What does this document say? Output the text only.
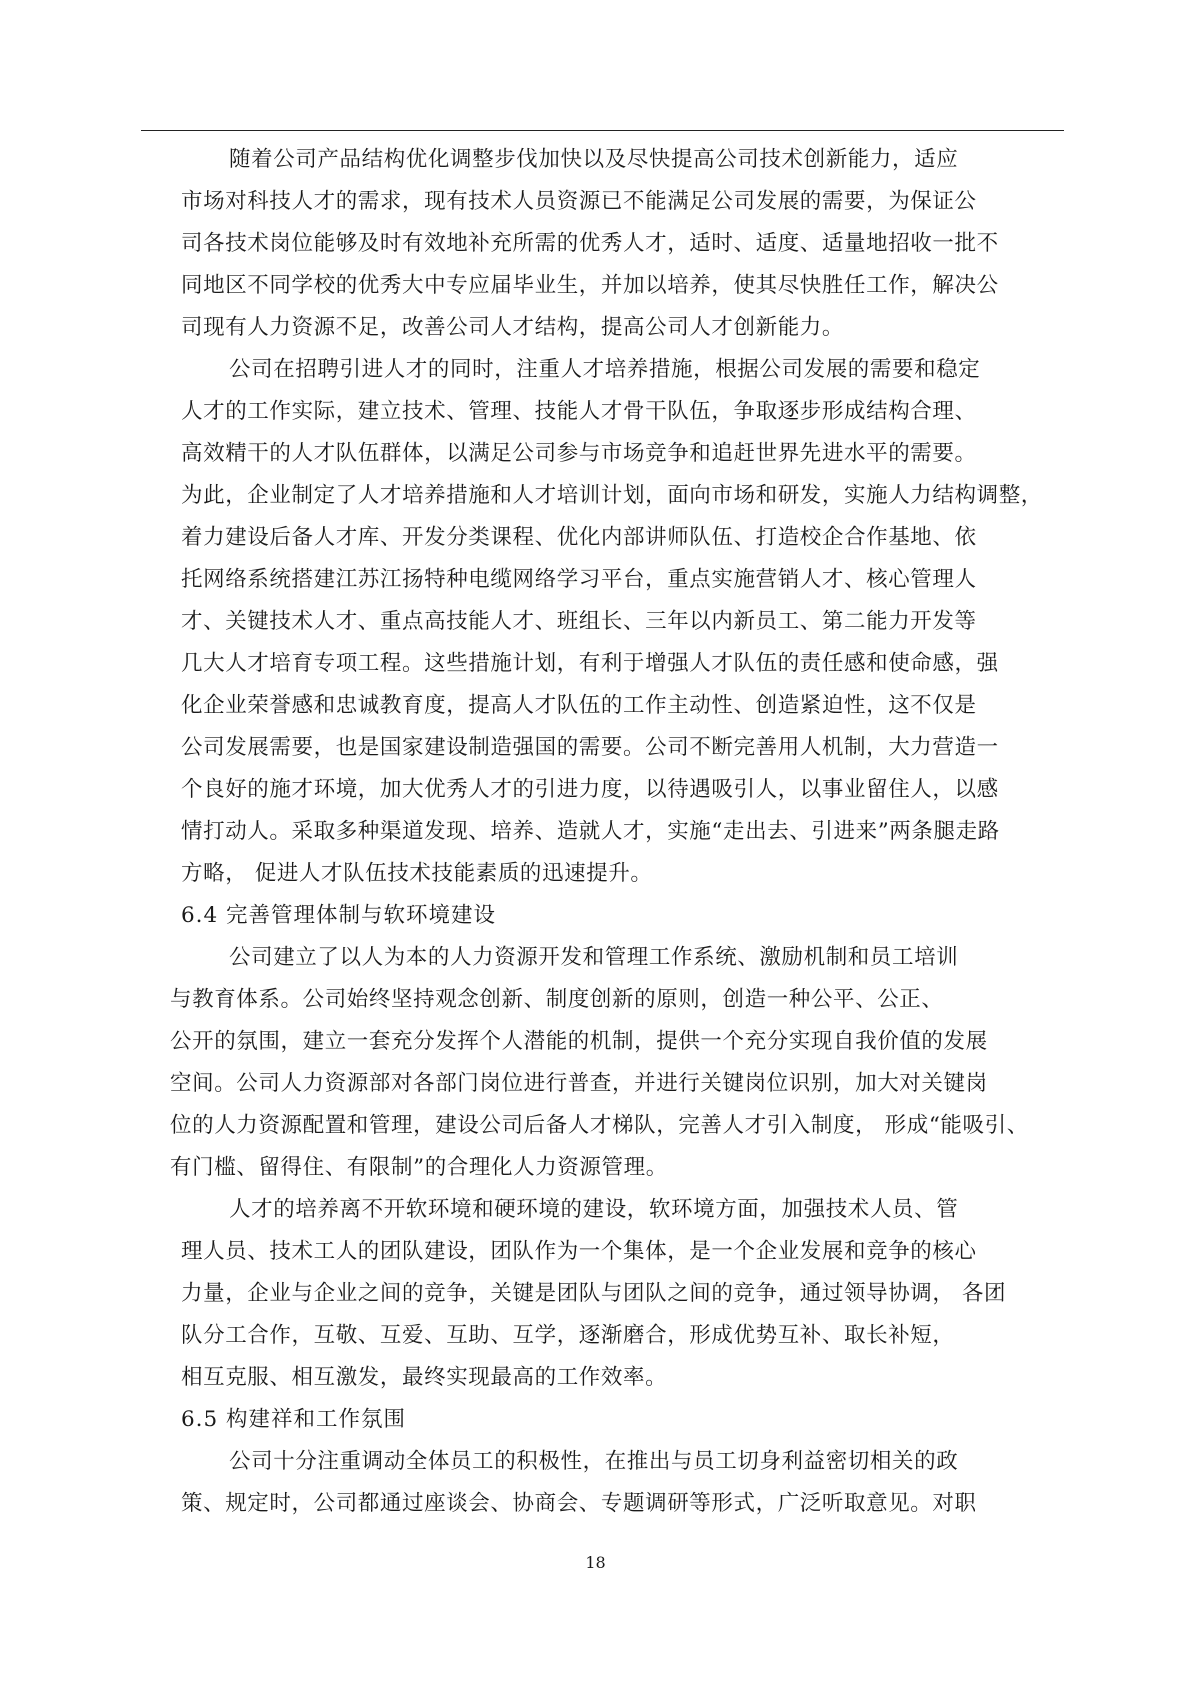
随着公司产品结构优化调整步伐加快以及尽快提高公司技术创新能力，适应
市场对科技人才的需求，现有技术人员资源已不能满足公司发展的需要，为保证公
司各技术岗位能够及时有效地补充所需的优秀人才，适时、适度、适量地招收一批不
同地区不同学校的优秀大中专应届毕业生，并加以培养，使其尽快胜任工作，解决公
司现有人力资源不足，改善公司人才结构，提高公司人才创新能力。
公司在招聘引进人才的同时，注重人才培养措施，根据公司发展的需要和稳定
人才的工作实际，建立技术、管理、技能人才骨干队伍，争取逐步形成结构合理、
高效精干的人才队伍群体，以满足公司参与市场竞争和追赶世界先进水平的需要。
为此，企业制定了人才培养措施和人才培训计划，面向市场和研发，实施人力结构调整，
着力建设后备人才库、开发分类课程、优化内部讲师队伍、打造校企合作基地、依
托网络系统搭建江苏江扬特种电缆网络学习平台，重点实施营销人才、核心管理人
才、关键技术人才、重点高技能人才、班组长、三年以内新员工、第二能力开发等
几大人才培育专项工程。这些措施计划，有利于增强人才队伍的责任感和使命感，强
化企业荣誉感和忠诚教育度，提高人才队伍的工作主动性、创造紧迫性，这不仅是
公司发展需要，也是国家建设制造强国的需要。公司不断完善用人机制，大力营造一
个良好的施才环境，加大优秀人才的引进力度，以待遇吸引人，以事业留住人，以感
情打动人。采取多种渠道发现、培养、造就人才，实施“走出去、引进来”两条腿走路
方略， 促进人才队伍技术技能素质的迅速提升。
6.4 完善管理体制与软环境建设
公司建立了以人为本的人力资源开发和管理工作系统、激励机制和员工培训
与教育体系。公司始终坚持观念创新、制度创新的原则，创造一种公平、公正、
公开的氛围，建立一套充分发挥个人潜能的机制，提供一个充分实现自我价值的发展
空间。公司人力资源部对各部门岗位进行普查，并进行关键岗位识别，加大对关键岗
位的人力资源配置和管理，建设公司后备人才梯队，完善人才引入制度， 形成“能吸引、
有门槛、留得住、有限制”的合理化人力资源管理。
人才的培养离不开软环境和硬环境的建设，软环境方面，加强技术人员、管
理人员、技术工人的团队建设，团队作为一个集体，是一个企业发展和竞争的核心
力量，企业与企业之间的竞争，关键是团队与团队之间的竞争，通过领导协调， 各团
队分工合作，互敬、互爱、互助、互学，逐渐磨合，形成优势互补、取长补短，
相互克服、相互激发，最终实现最高的工作效率。
6.5 构建祥和工作氛围
公司十分注重调动全体员工的积极性，在推出与员工切身利益密切相关的政
策、规定时，公司都通过座谈会、协商会、专题调研等形式，广泛听取意见。对职
18
